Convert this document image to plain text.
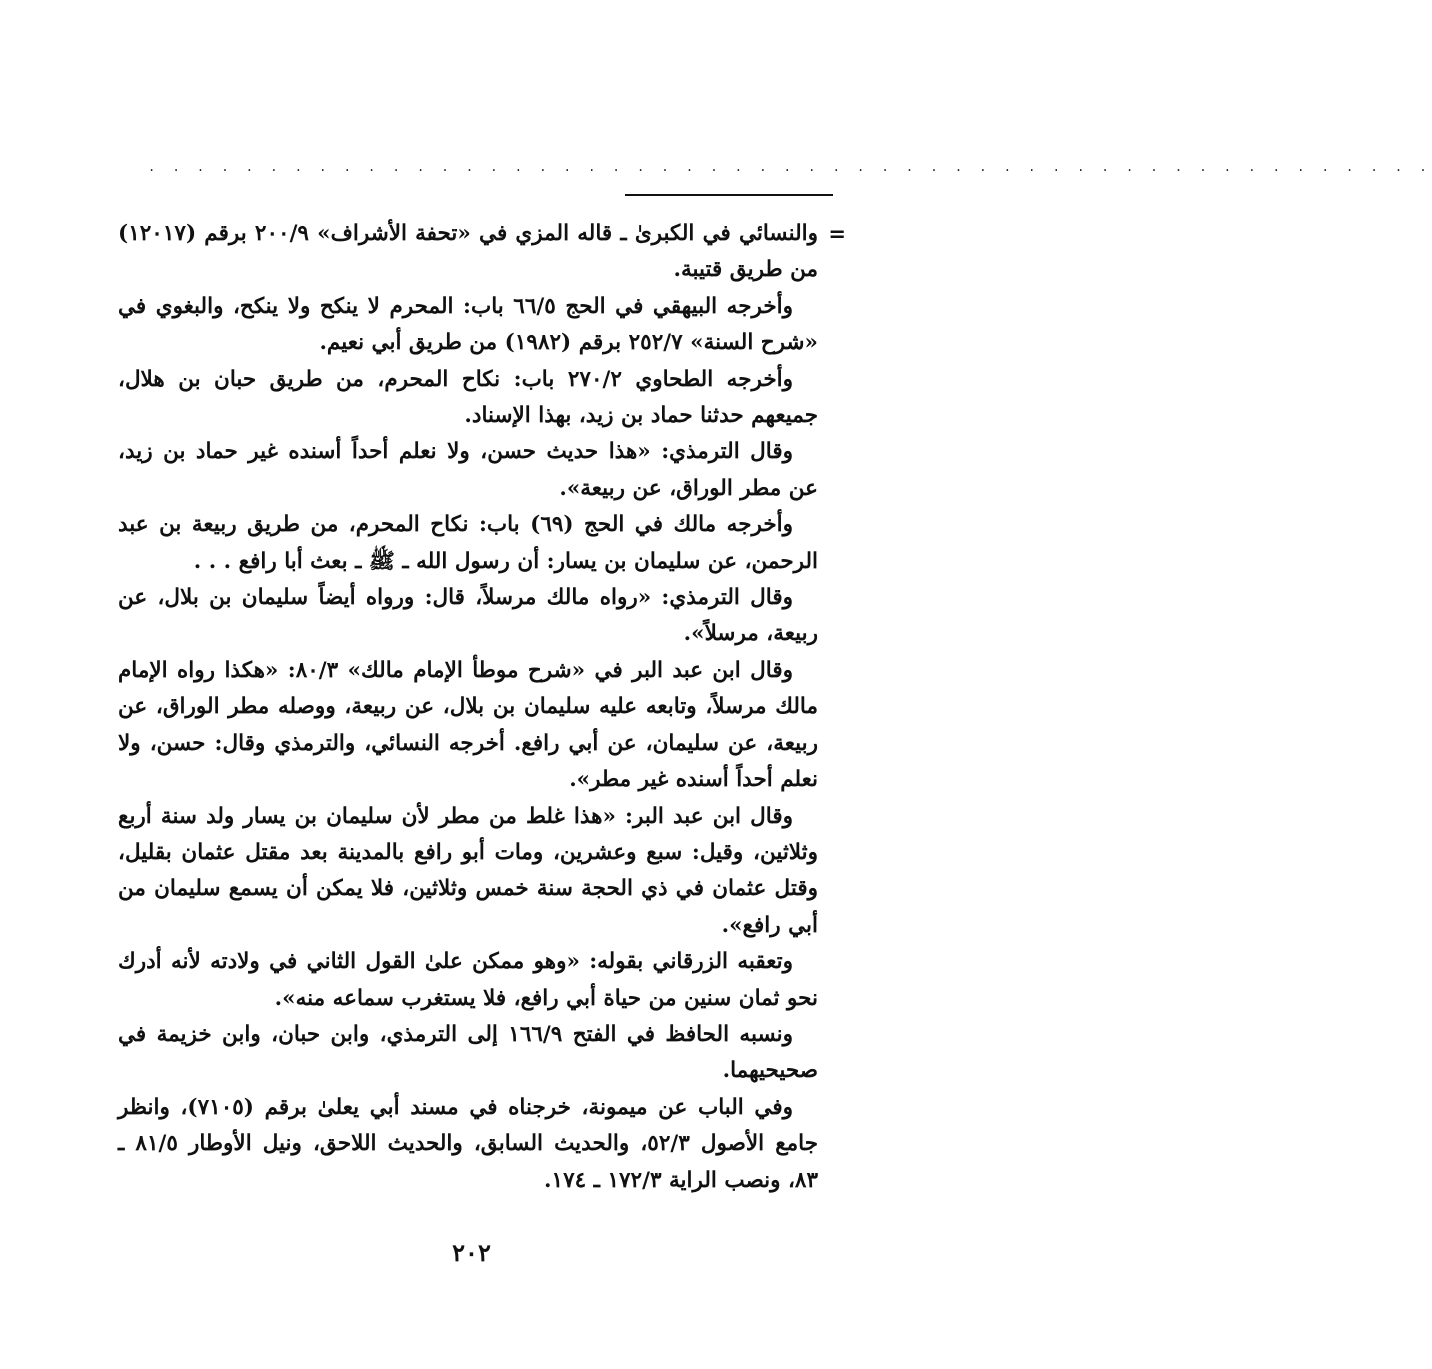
. . . . . . . . . . . . . . . . . . . . . . . . . . . . . . . . . . . . . . . . . . . . . . . . . . . . .

=
والنسائي في الكبرىٰ ـ قاله المزي في «تحفة الأشراف» ٢٠٠/٩ برقم (١٢٠١٧) من طريق قتيبة.

وأخرجه البيهقي في الحج ٦٦/٥ باب: المحرم لا ينكح ولا ينكح، والبغوي في «شرح السنة» ٢٥٢/٧ برقم (١٩٨٢) من طريق أبي نعيم.

وأخرجه الطحاوي ٢٧٠/٢ باب: نكاح المحرم، من طريق حبان بن هلال، جميعهم حدثنا حماد بن زيد، بهذا الإسناد.

وقال الترمذي: «هذا حديث حسن، ولا نعلم أحداً أسنده غير حماد بن زيد، عن مطر الوراق، عن ربيعة».

وأخرجه مالك في الحج (٦٩) باب: نكاح المحرم، من طريق ربيعة بن عبد الرحمن، عن سليمان بن يسار: أن رسول الله ـ ﷺ ـ بعث أبا رافع . . .

وقال الترمذي: «رواه مالك مرسلاً، قال: ورواه أيضاً سليمان بن بلال، عن ربيعة، مرسلاً».

وقال ابن عبد البر في «شرح موطأ الإمام مالك» ٨٠/٣: «هكذا رواه الإمام مالك مرسلاً، وتابعه عليه سليمان بن بلال، عن ربيعة، ووصله مطر الوراق، عن ربيعة، عن سليمان، عن أبي رافع. أخرجه النسائي، والترمذي وقال: حسن، ولا نعلم أحداً أسنده غير مطر».

وقال ابن عبد البر: «هذا غلط من مطر لأن سليمان بن يسار ولد سنة أربع وثلاثين، وقيل: سبع وعشرين، ومات أبو رافع بالمدينة بعد مقتل عثمان بقليل، وقتل عثمان في ذي الحجة سنة خمس وثلاثين، فلا يمكن أن يسمع سليمان من أبي رافع».

وتعقبه الزرقاني بقوله: «وهو ممكن علىٰ القول الثاني في ولادته لأنه أدرك نحو ثمان سنين من حياة أبي رافع، فلا يستغرب سماعه منه».

ونسبه الحافظ في الفتح ١٦٦/٩ إلى الترمذي، وابن حبان، وابن خزيمة في صحيحيهما.

وفي الباب عن ميمونة، خرجناه في مسند أبي يعلىٰ برقم (٧١٠٥)، وانظر جامع الأصول ٥٢/٣، والحديث السابق، والحديث اللاحق، ونيل الأوطار ٨١/٥ ـ ٨٣، ونصب الراية ١٧٢/٣ ـ ١٧٤.

٢٠٢
